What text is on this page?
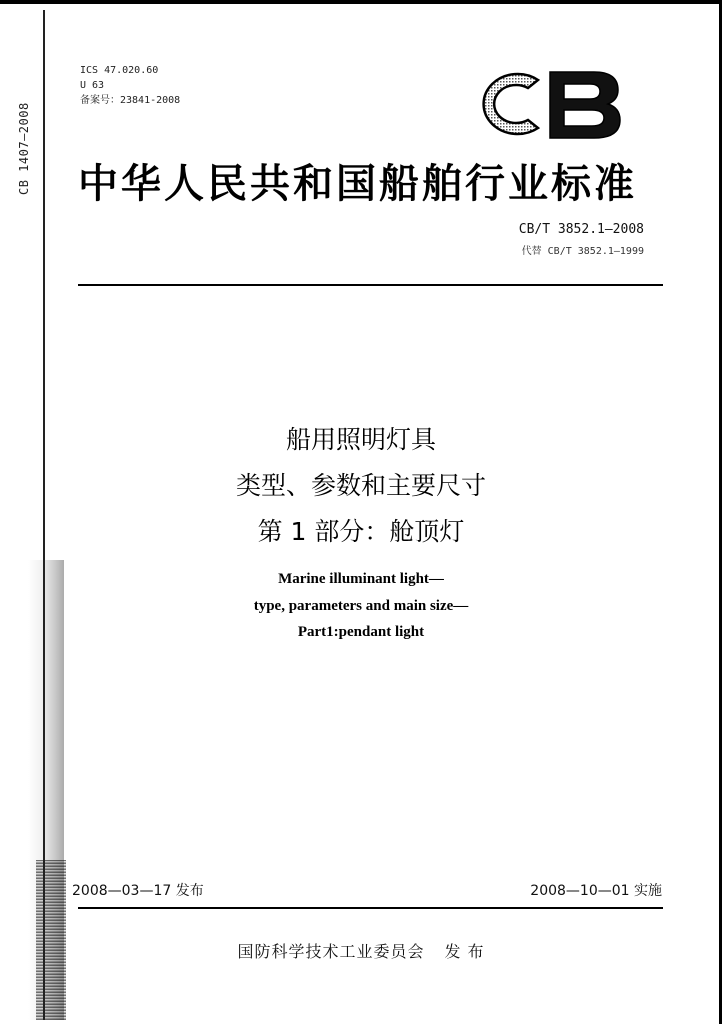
CB 1407—2008
ICS 47.020.60
U 63
备案号：23841-2008
中华人民共和国船舶行业标准
CB/T 3852.1—2008
代替 CB/T 3852.1—1999
船用照明灯具
类型、参数和主要尺寸
第 1 部分：舱顶灯
Marine illuminant light—
type, parameters and main size—
Part1:pendant light
2008—03—17 发布	2008—10—01 实施
国防科学技术工业委员会 发 布
